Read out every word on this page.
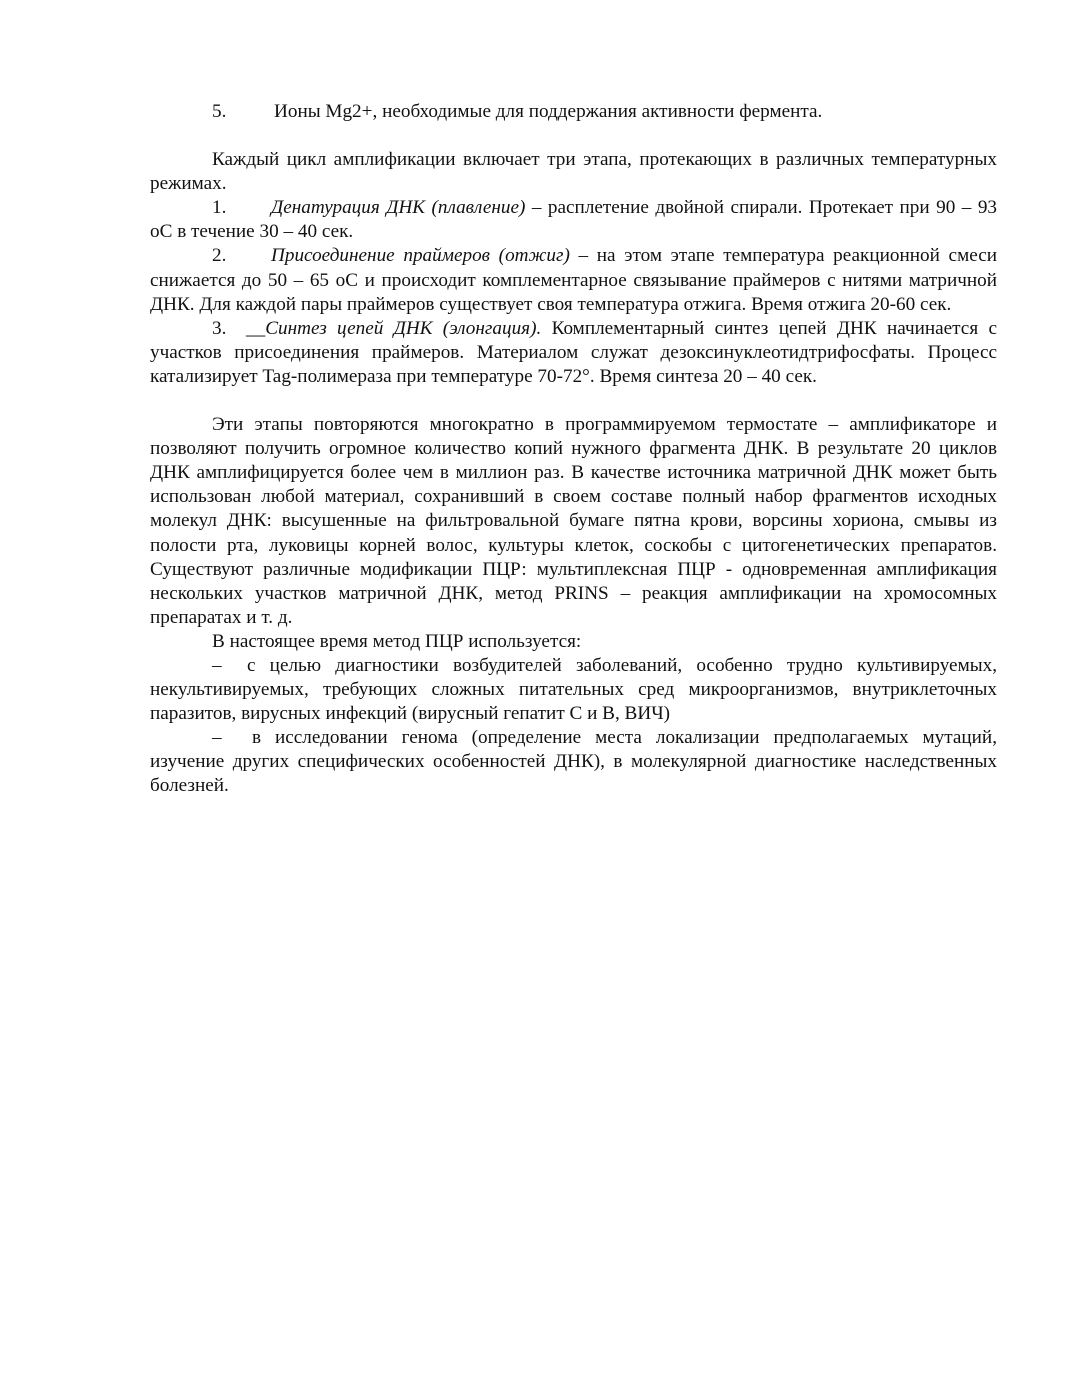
5. Ионы Mg2+, необходимые для поддержания активности фермента.

Каждый цикл амплификации включает три этапа, протекающих в различных температурных режимах.

1. Денатурация ДНК (плавление) – расплетение двойной спирали. Протекает при 90 – 93 оС в течение 30 – 40 сек.

2. Присоединение праймеров (отжиг) – на этом этапе температура реакционной смеси снижается до 50 – 65 оС и происходит комплементарное связывание праймеров с нитями матричной ДНК. Для каждой пары праймеров существует своя температура отжига. Время отжига 20-60 сек.

3. __Синтез цепей ДНК (элонгация). Комплементарный синтез цепей ДНК начинается с участков присоединения праймеров. Материалом служат дезоксинуклеотидтрифосфаты. Процесс катализирует Tag-полимераза при температуре 70-72°. Время синтеза 20 – 40 сек.

Эти этапы повторяются многократно в программируемом термостате – амплификаторе и позволяют получить огромное количество копий нужного фрагмента ДНК. В результате 20 циклов ДНК амплифицируется более чем в миллион раз. В качестве источника матричной ДНК может быть использован любой материал, сохранивший в своем составе полный набор фрагментов исходных молекул ДНК: высушенные на фильтровальной бумаге пятна крови, ворсины хориона, смывы из полости рта, луковицы корней волос, культуры клеток, соскобы с цитогенетических препаратов. Существуют различные модификации ПЦР: мультиплексная ПЦР - одновременная амплификация нескольких участков матричной ДНК, метод PRINS – реакция амплификации на хромосомных препаратах и т. д.

В настоящее время метод ПЦР используется:

– с целью диагностики возбудителей заболеваний, особенно трудно культивируемых, некультивируемых, требующих сложных питательных сред микроорганизмов, внутриклеточных паразитов, вирусных инфекций (вирусный гепатит С и В, ВИЧ)

– в исследовании генома (определение места локализации предполагаемых мутаций, изучение других специфических особенностей ДНК), в молекулярной диагностике наследственных болезней.
